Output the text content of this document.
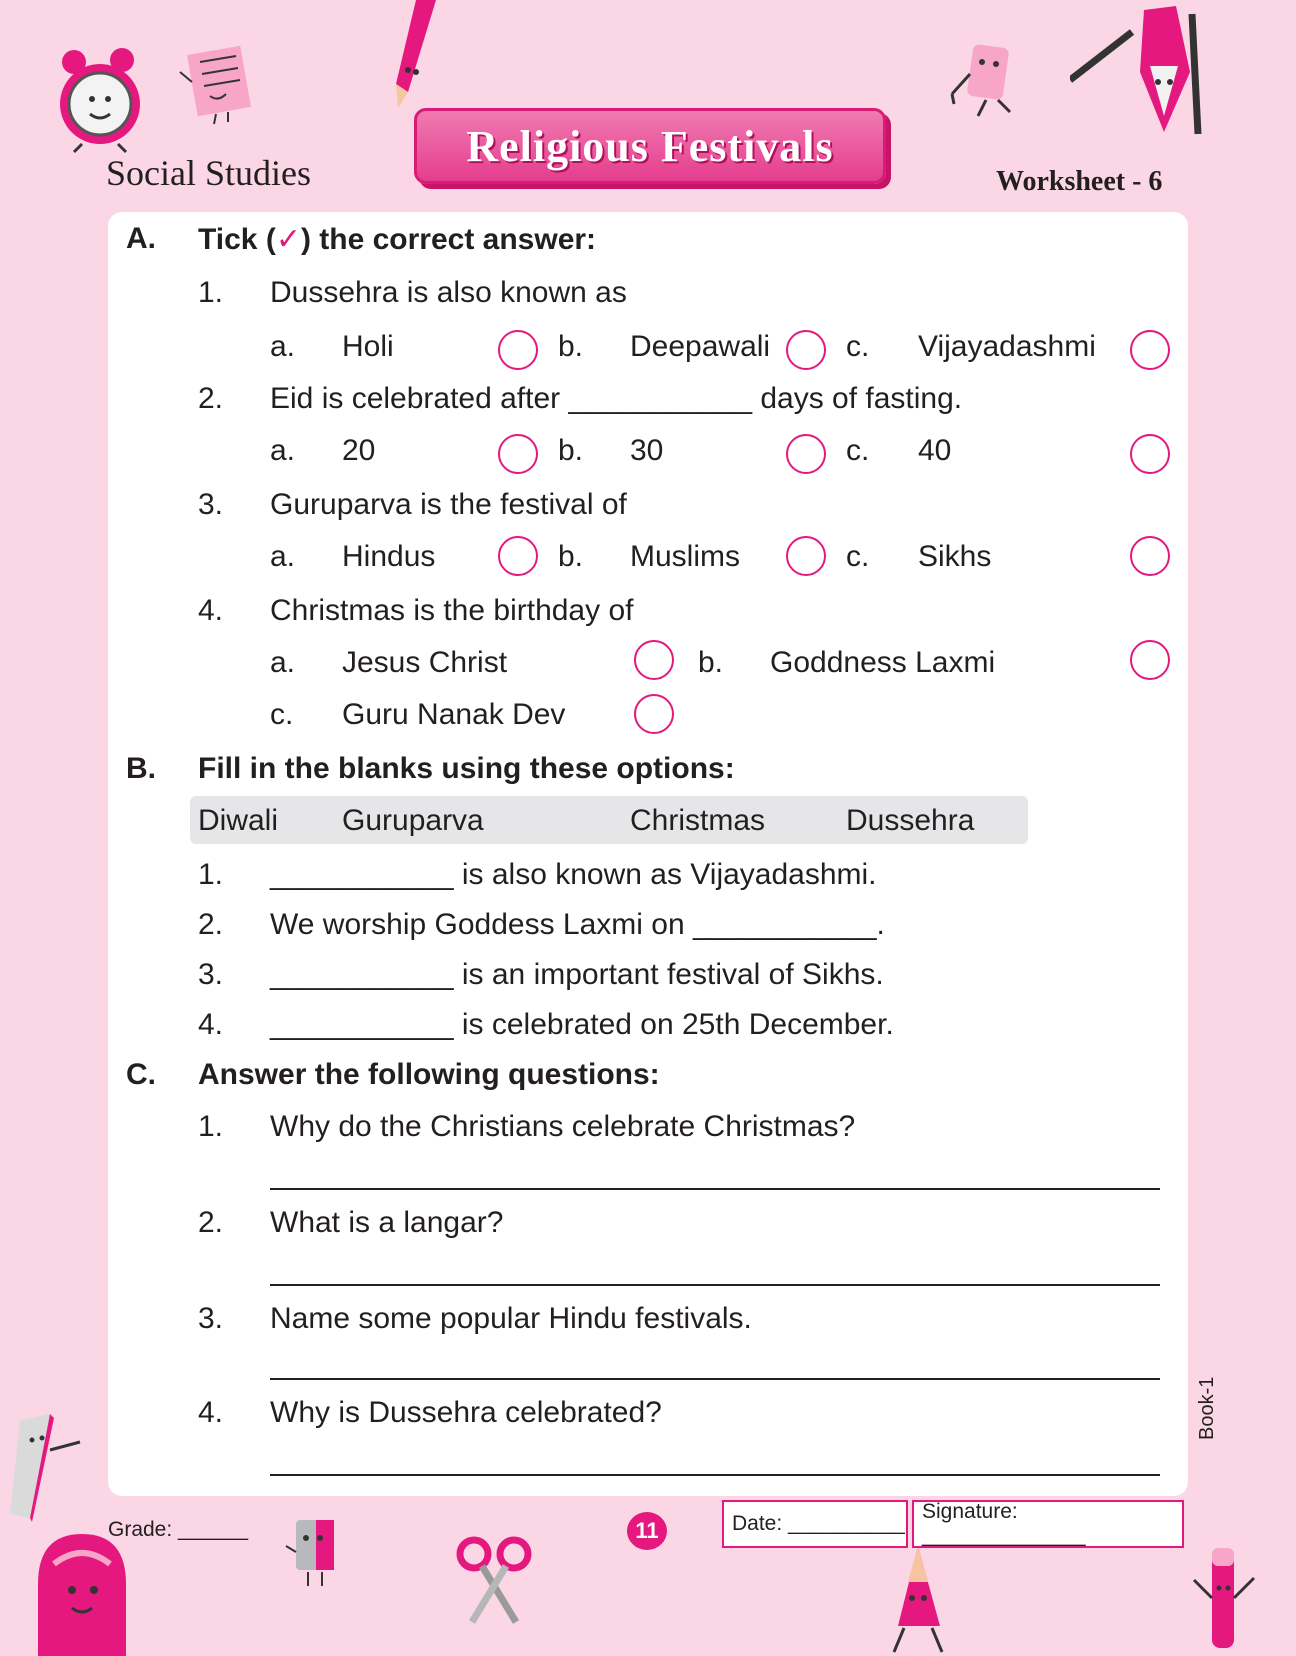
Social Studies
Religious Festivals
Worksheet - 6
A. Tick (✓) the correct answer:
1. Dussehra is also known as
a. Holi	b. Deepawali	c. Vijayadashmi
2. Eid is celebrated after ___________ days of fasting.
a. 20	b. 30	c. 40
3. Guruparva is the festival of
a. Hindus	b. Muslims	c. Sikhs
4. Christmas is the birthday of
a. Jesus Christ	b. Goddness Laxmi
c. Guru Nanak Dev
B. Fill in the blanks using these options:
Diwali Guruparva	Christmas	Dussehra
1. ___________ is also known as Vijayadashmi.
2. We worship Goddess Laxmi on ___________.
3. ___________ is an important festival of Sikhs.
4. ___________ is celebrated on 25th December.
C. Answer the following questions:
1. Why do the Christians celebrate Christmas?
2. What is a langar?
3. Name some popular Hindu festivals.
4. Why is Dussehra celebrated?
Grade: ______	11	Date: __________
Signature: ______________
Book-1
